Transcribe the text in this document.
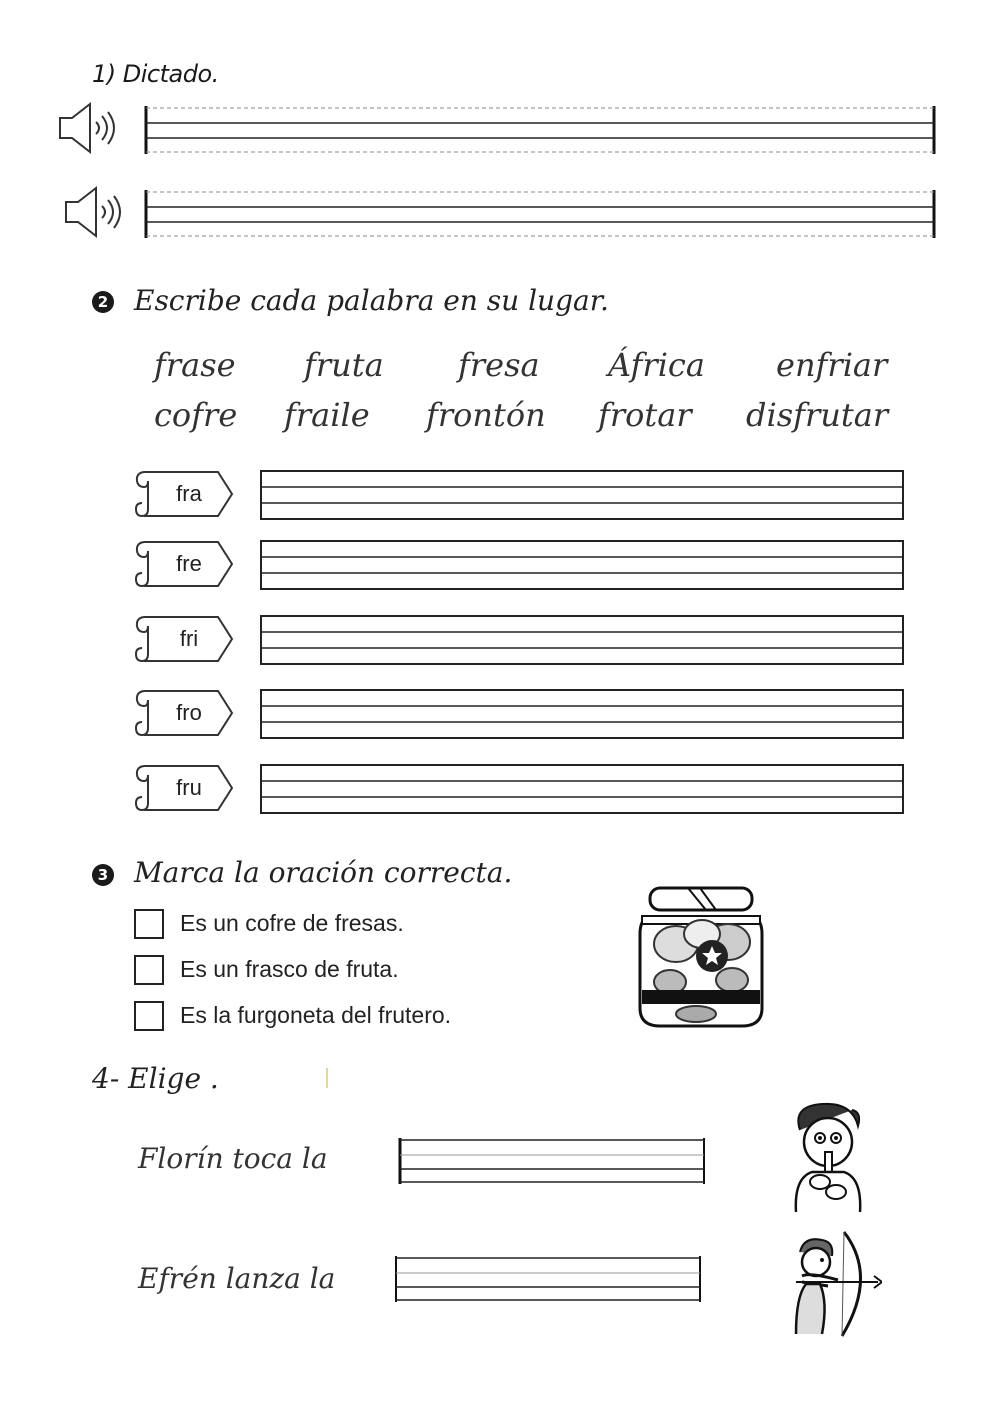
1) Dictado.
2 Escribe cada palabra en su lugar.
frase fruta fresa África enfriar
cofre fraile frontón frotar disfrutar
fra
fre
fri
fro
fru
3 Marca la oración correcta.
Es un cofre de fresas.
Es un frasco de fruta.
Es la furgoneta del frutero.
4- Elige .
Florín toca la
Efrén lanza la
